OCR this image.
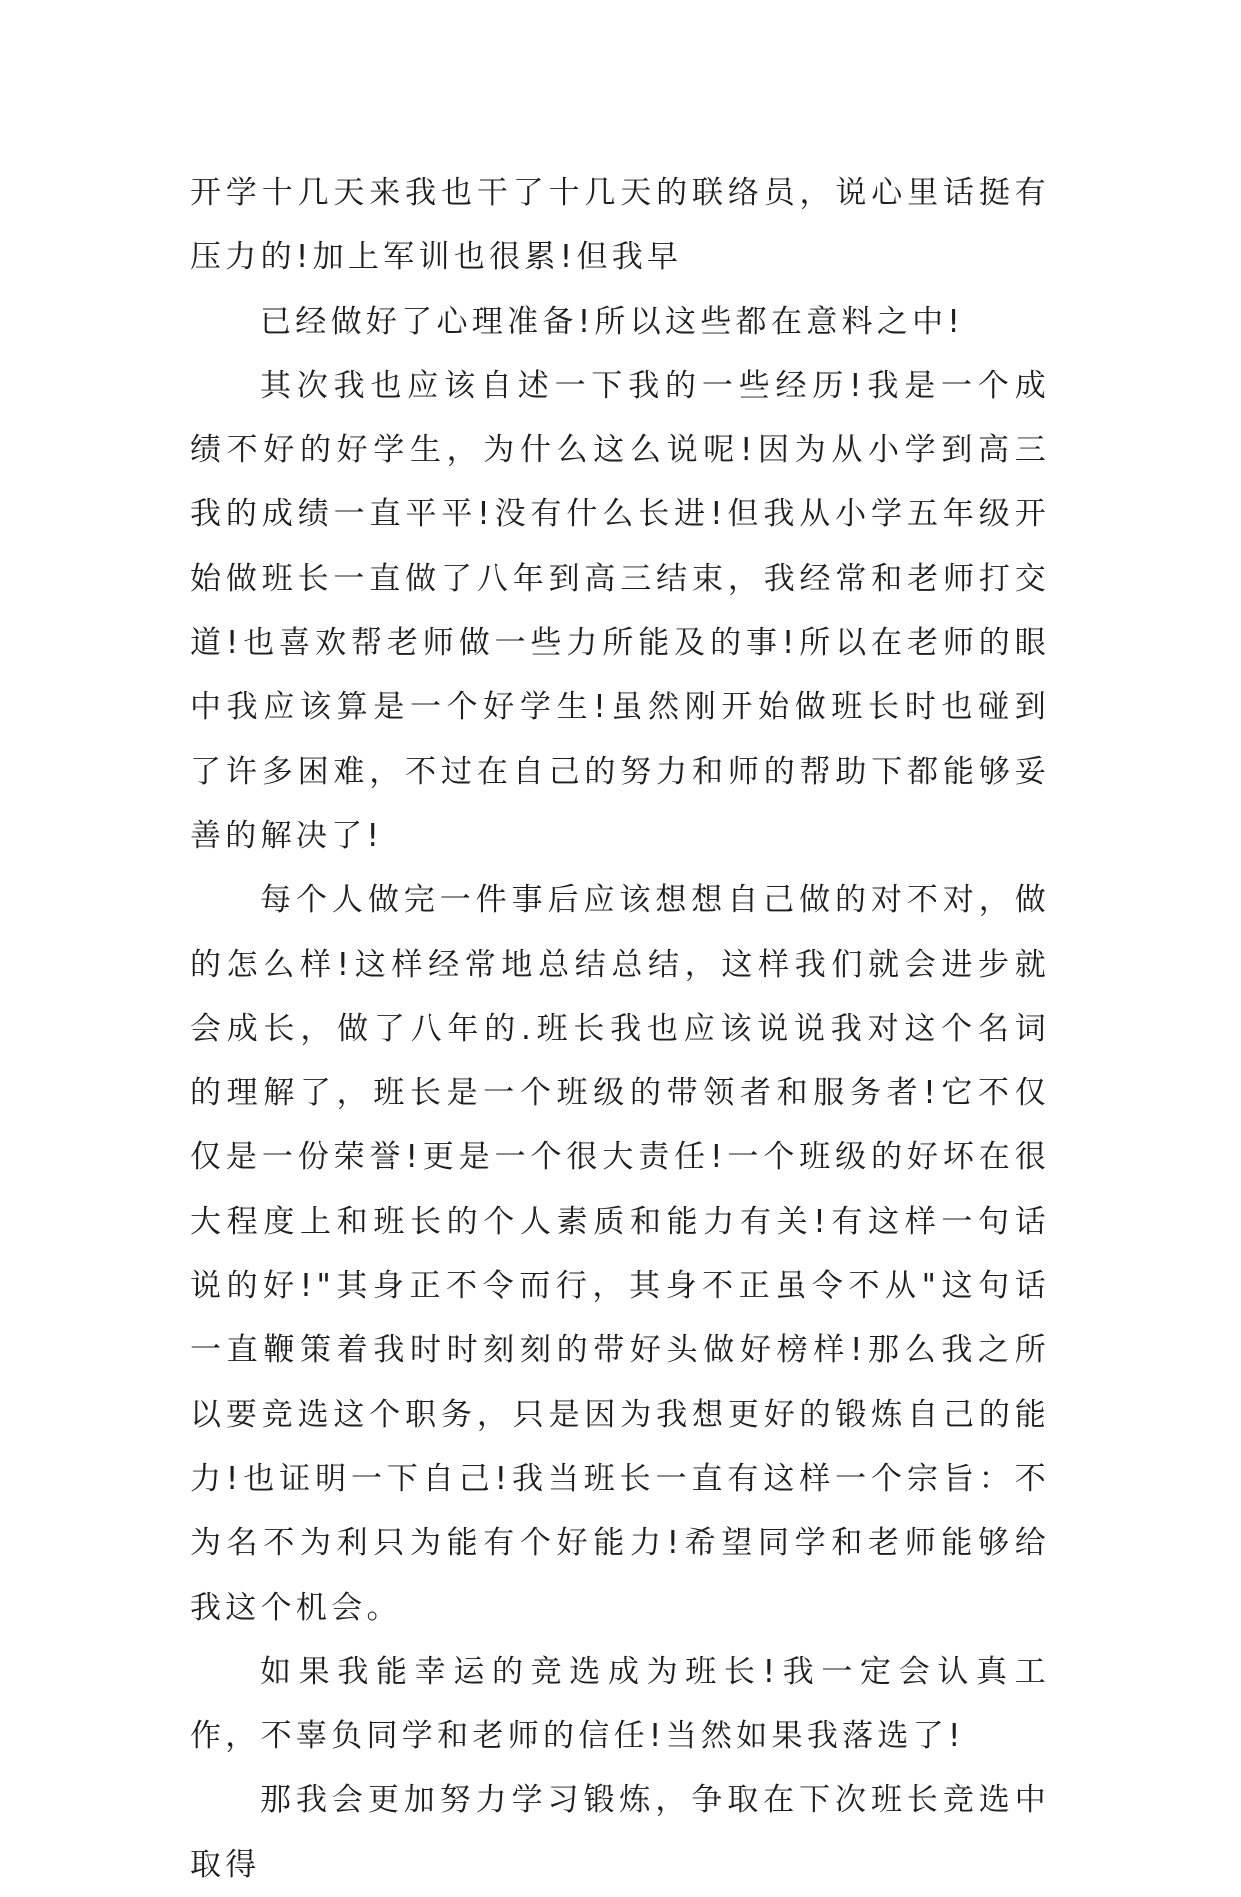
开学十几天来我也干了十几天的联络员，说心里话挺有压力的!加上军训也很累!但我早

已经做好了心理准备!所以这些都在意料之中!

其次我也应该自述一下我的一些经历!我是一个成绩不好的好学生，为什么这么说呢!因为从小学到高三我的成绩一直平平!没有什么长进!但我从小学五年级开始做班长一直做了八年到高三结束，我经常和老师打交道!也喜欢帮老师做一些力所能及的事!所以在老师的眼中我应该算是一个好学生!虽然刚开始做班长时也碰到了许多困难，不过在自己的努力和师的帮助下都能够妥善的解决了!

每个人做完一件事后应该想想自己做的对不对，做的怎么样!这样经常地总结总结，这样我们就会进步就会成长，做了八年的.班长我也应该说说我对这个名词的理解了，班长是一个班级的带领者和服务者!它不仅仅是一份荣誉!更是一个很大责任!一个班级的好坏在很大程度上和班长的个人素质和能力有关!有这样一句话说的好!"其身正不令而行，其身不正虽令不从"这句话一直鞭策着我时时刻刻的带好头做好榜样!那么我之所以要竞选这个职务，只是因为我想更好的锻炼自己的能力!也证明一下自己!我当班长一直有这样一个宗旨：不为名不为利只为能有个好能力!希望同学和老师能够给我这个机会。

如果我能幸运的竞选成为班长!我一定会认真工作，不辜负同学和老师的信任!当然如果我落选了!

那我会更加努力学习锻炼，争取在下次班长竞选中取得
